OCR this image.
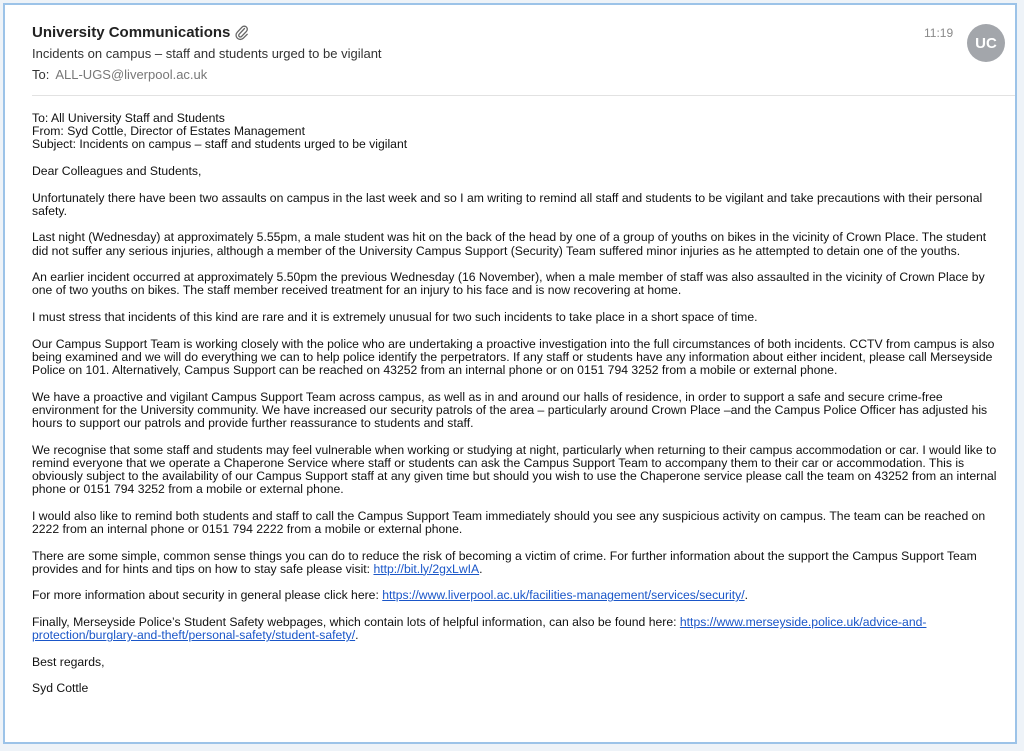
University Communications
Incidents on campus – staff and students urged to be vigilant
To: ALL-UGS@liverpool.ac.uk
11:19
UC

To: All University Staff and Students

From: Syd Cottle, Director of Estates Management

Subject: Incidents on campus – staff and students urged to be vigilant

Dear Colleagues and Students,

Unfortunately there have been two assaults on campus in the last week and so I am writing to remind all staff and students to be vigilant and take precautions with their personal safety.

Last night (Wednesday) at approximately 5.55pm, a male student was hit on the back of the head by one of a group of youths on bikes in the vicinity of Crown Place. The student did not suffer any serious injuries, although a member of the University Campus Support (Security) Team suffered minor injuries as he attempted to detain one of the youths.

An earlier incident occurred at approximately 5.50pm the previous Wednesday (16 November), when a male member of staff was also assaulted in the vicinity of Crown Place by one of two youths on bikes. The staff member received treatment for an injury to his face and is now recovering at home.

I must stress that incidents of this kind are rare and it is extremely unusual for two such incidents to take place in a short space of time.

Our Campus Support Team is working closely with the police who are undertaking a proactive investigation into the full circumstances of both incidents. CCTV from campus is also being examined and we will do everything we can to help police identify the perpetrators. If any staff or students have any information about either incident, please call Merseyside Police on 101. Alternatively, Campus Support can be reached on 43252 from an internal phone or on 0151 794 3252 from a mobile or external phone.

We have a proactive and vigilant Campus Support Team across campus, as well as in and around our halls of residence, in order to support a safe and secure crime-free environment for the University community. We have increased our security patrols of the area – particularly around Crown Place –and the Campus Police Officer has adjusted his hours to support our patrols and provide further reassurance to students and staff.

We recognise that some staff and students may feel vulnerable when working or studying at night, particularly when returning to their campus accommodation or car. I would like to remind everyone that we operate a Chaperone Service where staff or students can ask the Campus Support Team to accompany them to their car or accommodation. This is obviously subject to the availability of our Campus Support staff at any given time but should you wish to use the Chaperone service please call the team on 43252 from an internal phone or 0151 794 3252 from a mobile or external phone.

I would also like to remind both students and staff to call the Campus Support Team immediately should you see any suspicious activity on campus. The team can be reached on 2222 from an internal phone or 0151 794 2222 from a mobile or external phone.

There are some simple, common sense things you can do to reduce the risk of becoming a victim of crime. For further information about the support the Campus Support Team provides and for hints and tips on how to stay safe please visit: http://bit.ly/2gxLwIA.

For more information about security in general please click here: https://www.liverpool.ac.uk/facilities-management/services/security/.

Finally, Merseyside Police’s Student Safety webpages, which contain lots of helpful information, can also be found here: https://www.merseyside.police.uk/advice-and-protection/burglary-and-theft/personal-safety/student-safety/.

Best regards,

Syd Cottle
